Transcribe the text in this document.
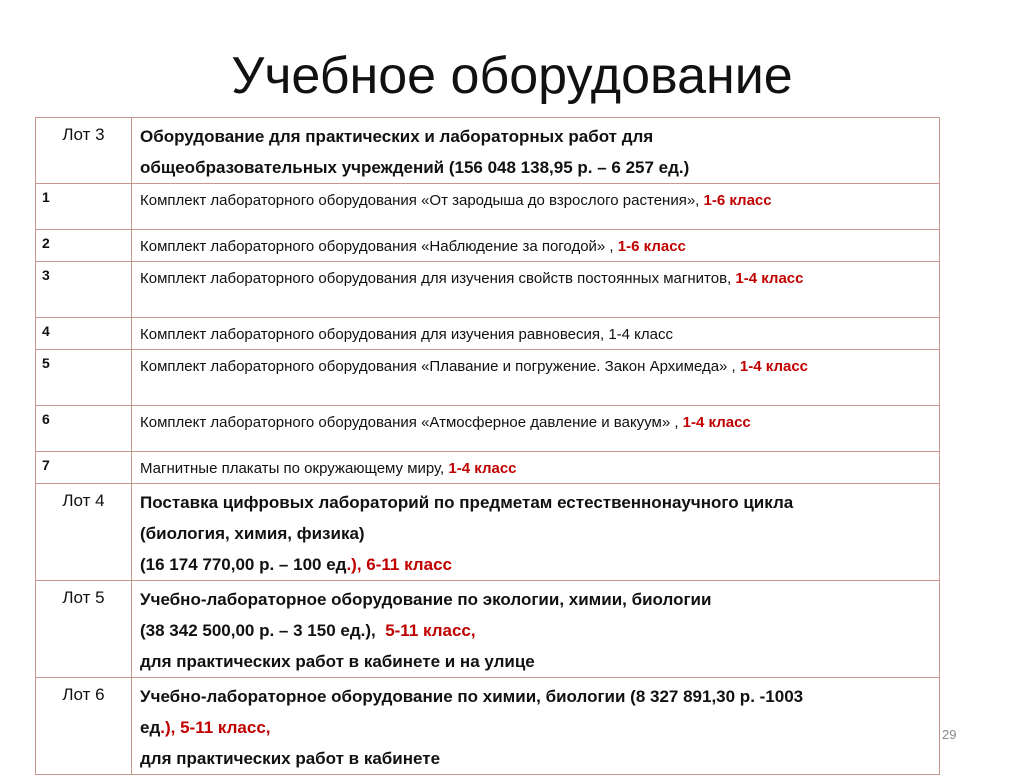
Учебное оборудование
Лот 3	Оборудование для практических и лабораторных работ для
общеобразовательных учреждений (156 048 138,95 р. – 6 257 ед.)

1	Комплект лабораторного оборудования «От зародыша до взрослого растения», 1-6 класс

2	Комплект лабораторного оборудования «Наблюдение за погодой» , 1-6 класс

3	Комплект лабораторного оборудования для изучения свойств постоянных магнитов, 1-4 класс

4	Комплект лабораторного оборудования для изучения равновесия, 1-4 класс

5	Комплект лабораторного оборудования «Плавание и погружение. Закон Архимеда» , 1-4 класс

6	Комплект лабораторного оборудования «Атмосферное давление и вакуум» , 1-4 класс

7	Магнитные плакаты по окружающему миру, 1-4 класс

Лот 4	Поставка цифровых лабораторий по предметам естественнонаучного цикла
(биология, химия, физика)
(16 174 770,00 р. – 100 ед.), 6-11 класс

Лот 5	Учебно-лабораторное оборудование по экологии, химии, биологии
(38 342 500,00 р. – 3 150 ед.), 5-11 класс,
для практических работ в кабинете и на улице

Лот 6	Учебно-лабораторное оборудование по химии, биологии (8 327 891,30 р. -1003
ед.), 5-11 класс,
для практических работ в кабинете
29
